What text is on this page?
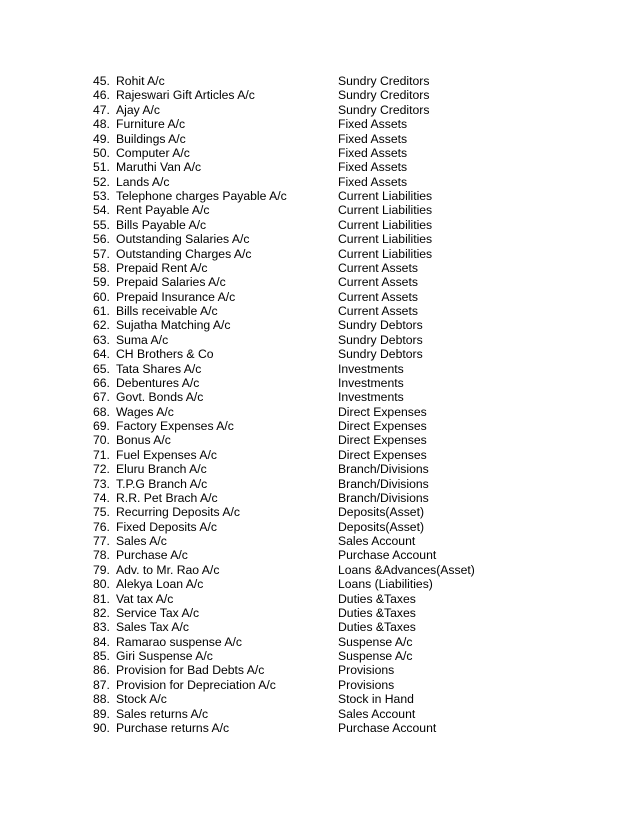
45. Rohit A/c	Sundry Creditors
46. Rajeswari Gift Articles A/c	Sundry Creditors
47. Ajay A/c	Sundry Creditors
48. Furniture A/c	Fixed Assets
49. Buildings A/c	Fixed Assets
50. Computer A/c	Fixed Assets
51. Maruthi Van A/c	Fixed Assets
52. Lands A/c	Fixed Assets
53. Telephone charges Payable A/c	Current Liabilities
54. Rent Payable A/c	Current Liabilities
55. Bills Payable A/c	Current Liabilities
56. Outstanding Salaries A/c	Current Liabilities
57. Outstanding Charges A/c	Current Liabilities
58. Prepaid Rent A/c	Current Assets
59. Prepaid Salaries A/c	Current Assets
60. Prepaid Insurance A/c	Current Assets
61. Bills receivable A/c	Current Assets
62. Sujatha Matching A/c	Sundry Debtors
63. Suma A/c	Sundry Debtors
64. CH Brothers & Co	Sundry Debtors
65. Tata Shares A/c	Investments
66. Debentures A/c	Investments
67. Govt. Bonds A/c	Investments
68. Wages A/c	Direct Expenses
69. Factory Expenses A/c	Direct Expenses
70. Bonus A/c	Direct Expenses
71. Fuel Expenses A/c	Direct Expenses
72. Eluru Branch A/c	Branch/Divisions
73. T.P.G Branch A/c	Branch/Divisions
74. R.R. Pet Brach A/c	Branch/Divisions
75. Recurring Deposits A/c	Deposits(Asset)
76. Fixed Deposits A/c	Deposits(Asset)
77. Sales A/c	Sales Account
78. Purchase A/c	Purchase Account
79. Adv. to Mr. Rao A/c	Loans &Advances(Asset)
80. Alekya Loan A/c	Loans (Liabilities)
81. Vat tax A/c	Duties &Taxes
82. Service Tax A/c	Duties &Taxes
83. Sales Tax A/c	Duties &Taxes
84. Ramarao suspense A/c	Suspense A/c
85. Giri Suspense A/c	Suspense A/c
86. Provision for Bad Debts A/c	Provisions
87. Provision for Depreciation A/c	Provisions
88. Stock A/c	Stock in Hand
89. Sales returns A/c	Sales Account
90. Purchase returns A/c	Purchase Account
